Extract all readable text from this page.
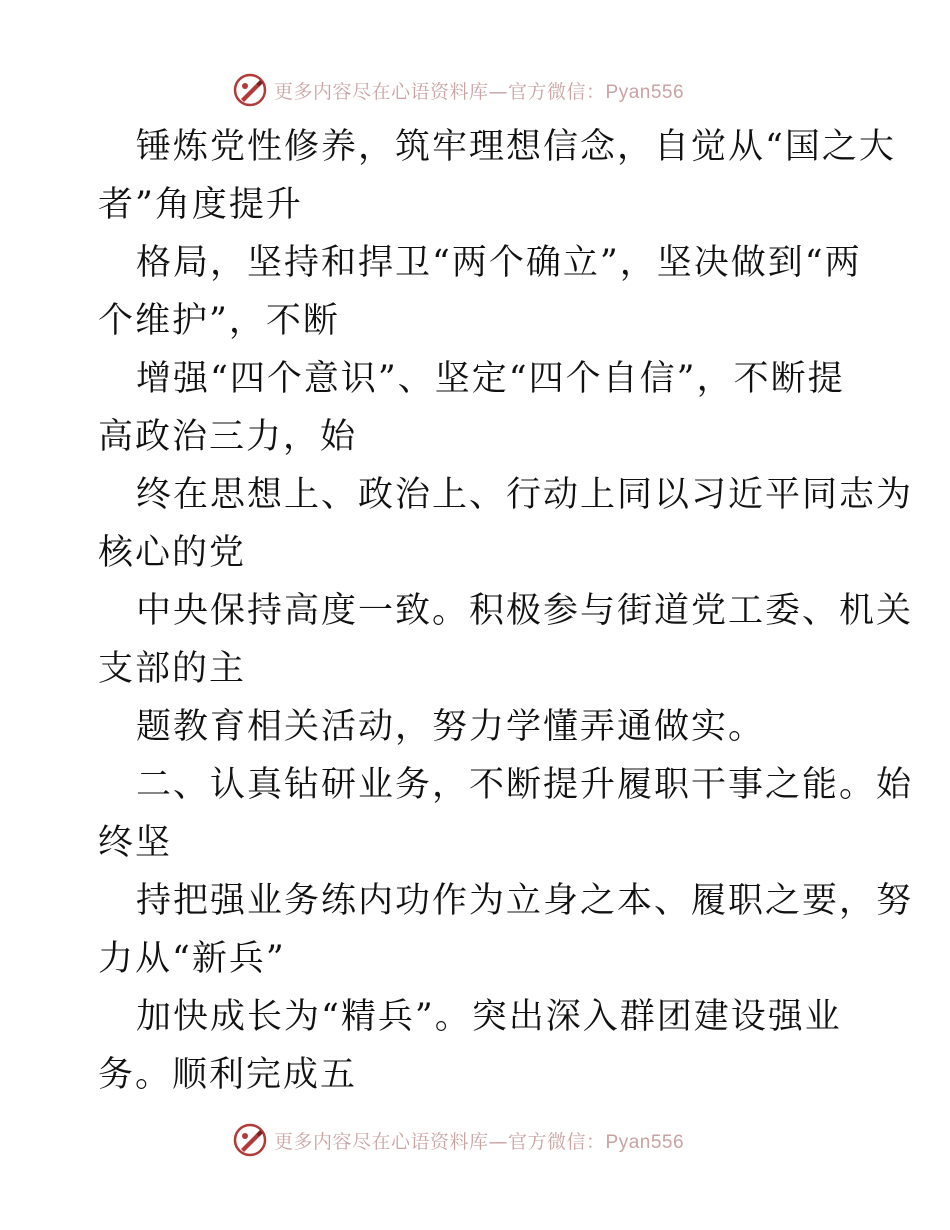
更多内容尽在心语资料库—官方微信：Pyan556
锤炼党性修养，筑牢理想信念，自觉从“国之大
者”角度提升
格局，坚持和捍卫“两个确立”，坚决做到“两
个维护”，不断
增强“四个意识”、坚定“四个自信”，不断提
高政治三力，始
终在思想上、政治上、行动上同以习近平同志为
核心的党
中央保持高度一致。积极参与街道党工委、机关
支部的主
题教育相关活动，努力学懂弄通做实。
二、认真钻研业务，不断提升履职干事之能。始
终坚
持把强业务练内功作为立身之本、履职之要，努
力从“新兵”
加快成长为“精兵”。突出深入群团建设强业
务。顺利完成五
更多内容尽在心语资料库—官方微信：Pyan556
